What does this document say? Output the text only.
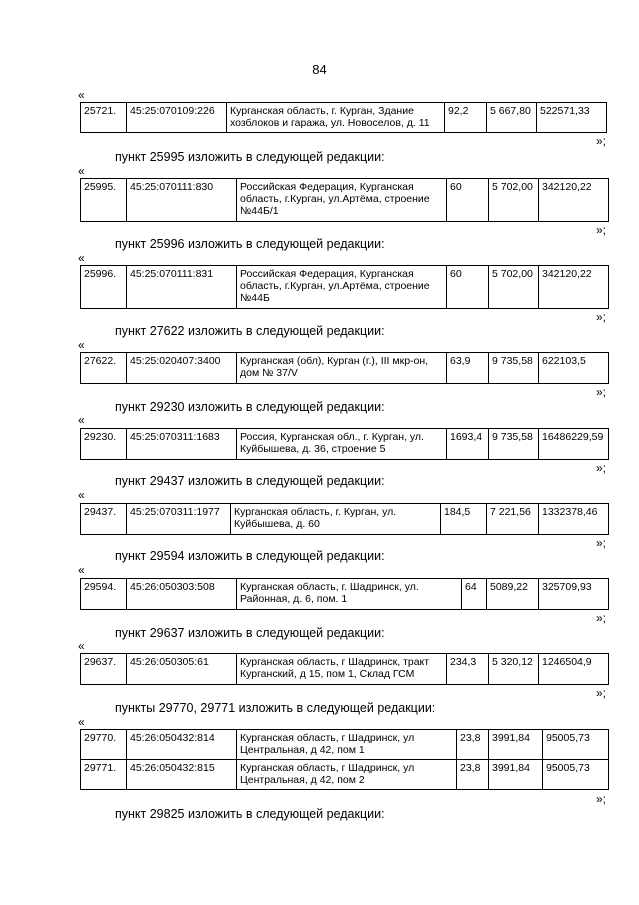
84
«
25721.	45:25:070109:226	Курганская область, г. Курган, Здание
хозблоков и гаража, ул. Новоселов, д. 11	92,2	5 667,80	522571,33
»;
пункт 25995 изложить в следующей редакции:
«
25995.	45:25:070111:830	Российская Федерация, Курганская
область, г.Курган, ул.Артёма, строение
№44Б/1	60	5 702,00	342120,22
»;
пункт 25996 изложить в следующей редакции:
«
25996.	45:25:070111:831	Российская Федерация, Курганская
область, г.Курган, ул.Артёма, строение
№44Б	60	5 702,00	342120,22
»;
пункт 27622 изложить в следующей редакции:
«
27622.	45:25:020407:3400	Курганская (обл), Курган (г.), III мкр-он,
дом № 37/V	63,9	9 735,58	622103,5
»;
пункт 29230 изложить в следующей редакции:
«
29230.	45:25:070311:1683	Россия, Курганская обл., г. Курган, ул.
Куйбышева, д. 36, строение 5	1693,4	9 735,58	16486229,59
»;
пункт 29437 изложить в следующей редакции:
«
29437.	45:25:070311:1977	Курганская область, г. Курган, ул.
Куйбышева, д. 60	184,5	7 221,56	1332378,46
»;
пункт 29594 изложить в следующей редакции:
«
29594.	45:26:050303:508	Курганская область, г. Шадринск, ул.
Районная, д. 6, пом. 1	64	5089,22	325709,93
»;
пункт 29637 изложить в следующей редакции:
«
29637.	45:26:050305:61	Курганская область, г Шадринск, тракт
Курганский, д 15, пом 1, Склад ГСМ	234,3	5 320,12	1246504,9
»;
пункты 29770, 29771 изложить в следующей редакции:
«
29770.	45:26:050432:814	Курганская область, г Шадринск, ул
Центральная, д 42, пом 1	23,8	3991,84	95005,73
29771.	45:26:050432:815	Курганская область, г Шадринск, ул
Центральная, д 42, пом 2	23,8	3991,84	95005,73
»;
пункт 29825 изложить в следующей редакции:
